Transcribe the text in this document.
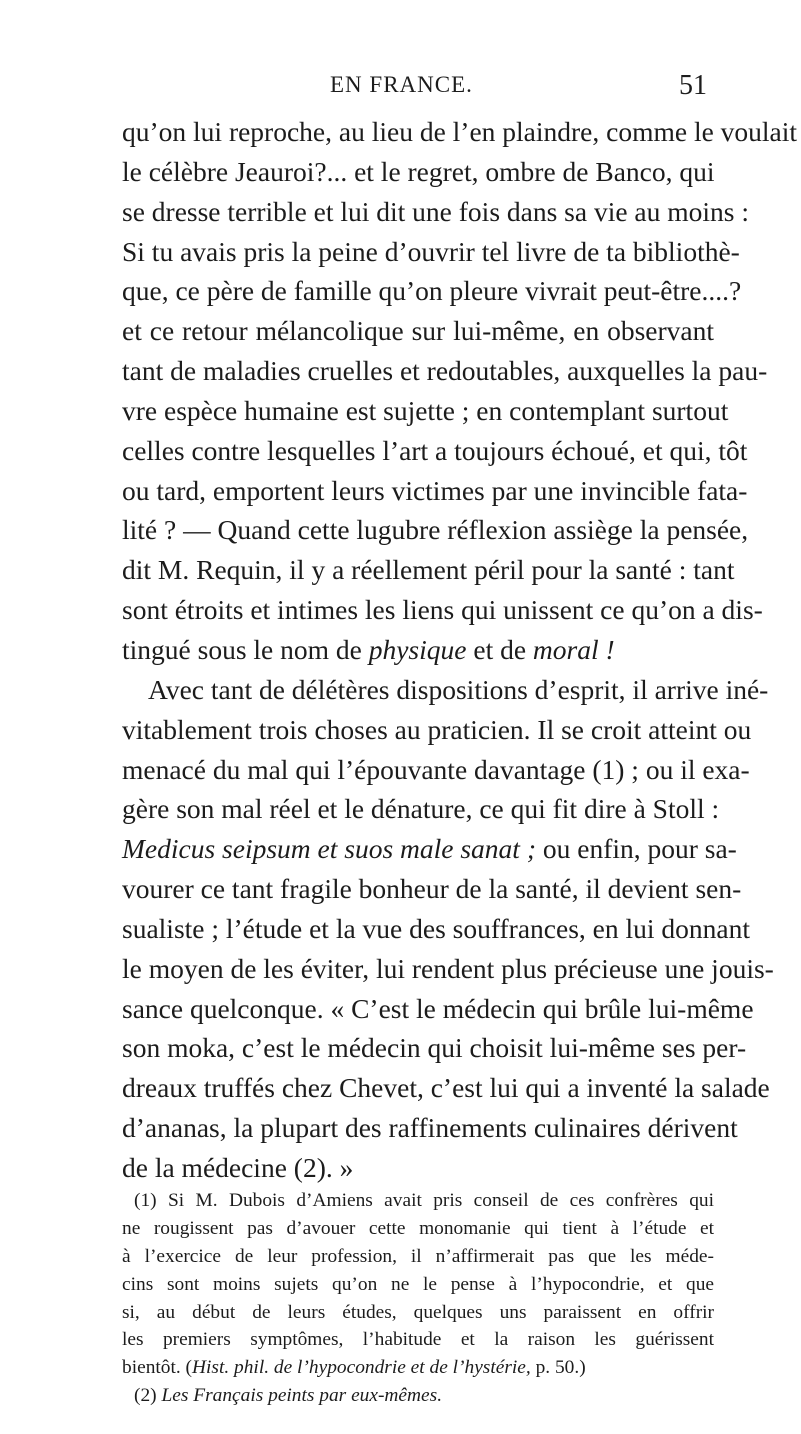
EN FRANCE.	51
qu’on lui reproche, au lieu de l’en plaindre, comme le voulait
le célèbre Jeauroi?... et le regret, ombre de Banco, qui
se dresse terrible et lui dit une fois dans sa vie au moins :
Si tu avais pris la peine d’ouvrir tel livre de ta bibliothè-
que, ce père de famille qu’on pleure vivrait peut-être....?
et ce retour mélancolique sur lui-même, en observant
tant de maladies cruelles et redoutables, auxquelles la pau-
vre espèce humaine est sujette ; en contemplant surtout
celles contre lesquelles l’art a toujours échoué, et qui, tôt
ou tard, emportent leurs victimes par une invincible fata-
lité ? — Quand cette lugubre réflexion assiège la pensée,
dit M. Requin, il y a réellement péril pour la santé : tant
sont étroits et intimes les liens qui unissent ce qu’on a dis-
tingué sous le nom de physique et de moral !
Avec tant de délétères dispositions d’esprit, il arrive iné-
vitablement trois choses au praticien. Il se croit atteint ou
menacé du mal qui l’épouvante davantage (1) ; ou il exa-
gère son mal réel et le dénature, ce qui fit dire à Stoll :
Medicus seipsum et suos male sanat ; ou enfin, pour sa-
vourer ce tant fragile bonheur de la santé, il devient sen-
sualiste ; l’étude et la vue des souffrances, en lui donnant
le moyen de les éviter, lui rendent plus précieuse une jouis-
sance quelconque. « C’est le médecin qui brûle lui-même
son moka, c’est le médecin qui choisit lui-même ses per-
dreaux truffés chez Chevet, c’est lui qui a inventé la salade
d’ananas, la plupart des raffinements culinaires dérivent
de la médecine (2). »
(1) Si M. Dubois d’Amiens avait pris conseil de ces confrères qui
ne rougissent pas d’avouer cette monomanie qui tient à l’étude et
à l’exercice de leur profession, il n’affirmerait pas que les méde-
cins sont moins sujets qu’on ne le pense à l’hypocondrie, et que
si, au début de leurs études, quelques uns paraissent en offrir
les premiers symptômes, l’habitude et la raison les guérissent
bientôt. (Hist. phil. de l’hypocondrie et de l’hystérie, p. 50.)
(2) Les Français peints par eux-mêmes.
